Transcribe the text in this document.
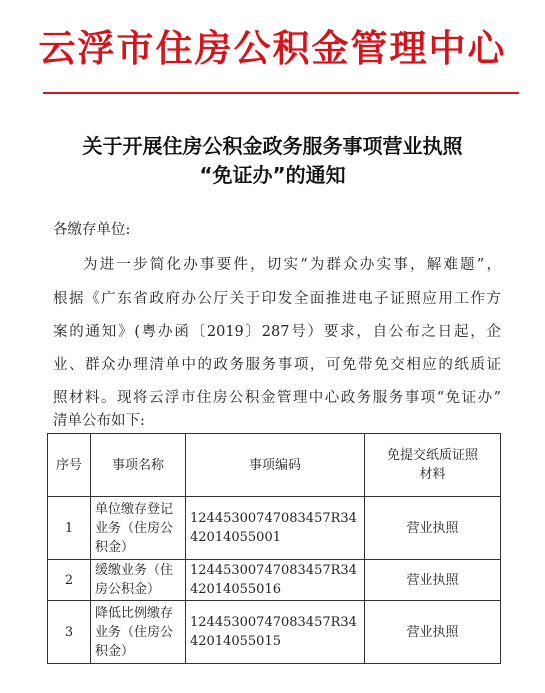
云浮市住房公积金管理中心
关于开展住房公积金政务服务事项营业执照
“免证办”的通知
各缴存单位:
为进一步简化办事要件，切实“为群众办实事，解难题”，
根据《广东省政府办公厅关于印发全面推进电子证照应用工作方
案的通知》(粤办函〔2019〕287号）要求，自公布之日起，企
业、群众办理清单中的政务服务事项，可免带免交相应的纸质证
照材料。现将云浮市住房公积金管理中心政务服务事项“免证办”
清单公布如下:
序号	事项名称	事项编码	免提交纸质证照
材料
1	单位缴存登记业务（住房公积金）	12445300747083457R3442014055001	营业执照
2	缓缴业务（住房公积金）	12445300747083457R3442014055016	营业执照
3	降低比例缴存业务（住房公积金）	12445300747083457R3442014055015	营业执照
